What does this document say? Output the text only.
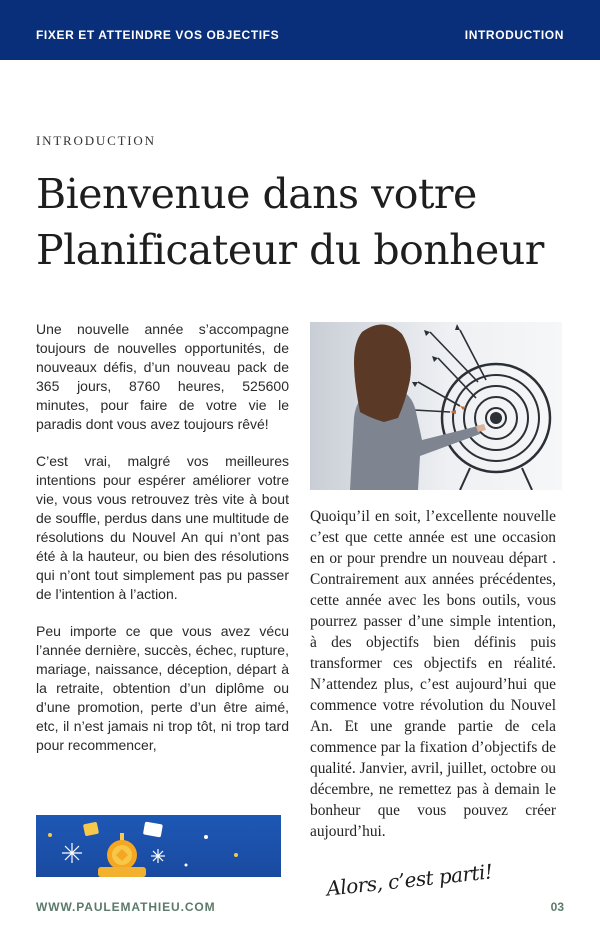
FIXER ET ATTEINDRE VOS OBJECTIFS	INTRODUCTION
INTRODUCTION
Bienvenue dans votre Planificateur du bonheur

Une nouvelle année s’accompagne toujours de nouvelles opportunités, de nouveaux défis, d’un nouveau pack de 365 jours, 8760 heures, 525600 minutes, pour faire de votre vie le paradis dont vous avez toujours rêvé!

C’est vrai, malgré vos meilleures intentions pour espérer améliorer votre vie, vous vous retrouvez très vite à bout de souffle, perdus dans une multitude de résolutions du Nouvel An qui n’ont pas été à la hauteur, ou bien des résolutions qui n’ont tout simplement pas pu passer de l’intention à l’action.

Peu importe ce que vous avez vécu l’année dernière, succès, échec, rupture, mariage, naissance, déception, départ à la retraite, obtention d’un diplôme ou d’une promotion, perte d’un être aimé, etc, il n’est jamais ni trop tôt, ni trop tard pour recommencer,

Quoiqu’il en soit, l’excellente nouvelle c’est que cette année est une occasion en or pour prendre un nouveau départ . Contrairement aux années précédentes, cette année avec les bons outils, vous pourrez passer d’une simple intention, à des objectifs bien définis puis transformer ces objectifs en réalité. N’attendez plus, c’est aujourd’hui que commence votre révolution du Nouvel An. Et une grande partie de cela commence par la fixation d’objectifs de qualité. Janvier, avril, juillet, octobre ou décembre, ne remettez pas à demain le bonheur que vous pouvez créer aujourd’hui.

Alors, c’est parti!
WWW.PAULEMATHIEU.COM	03
